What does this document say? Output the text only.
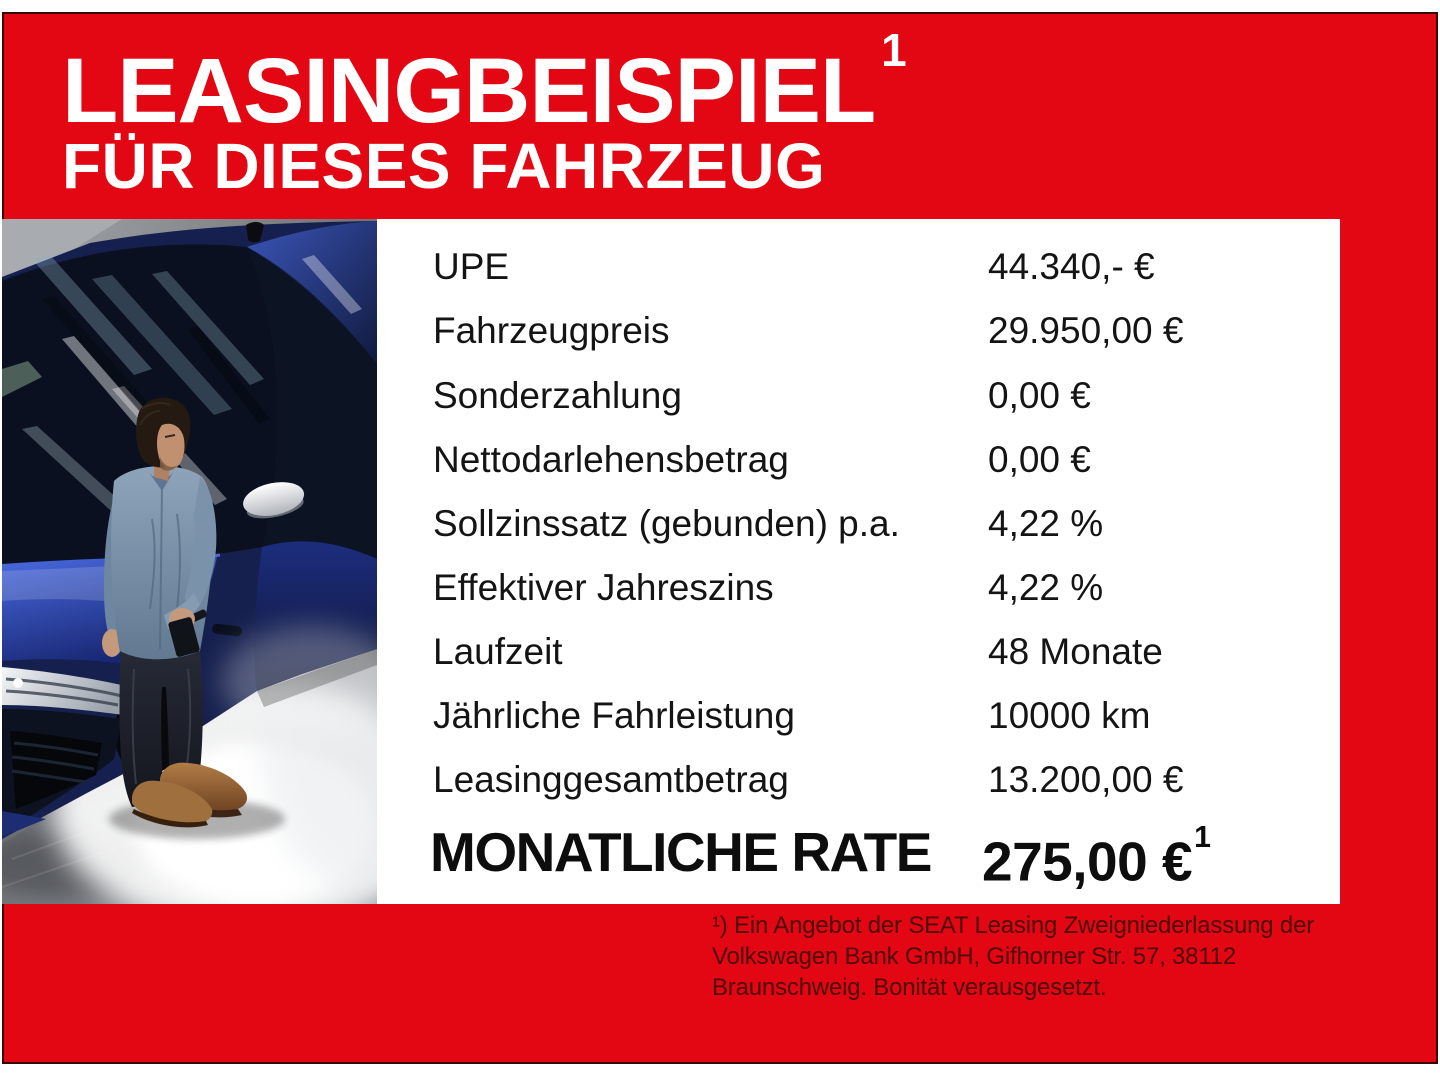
LEASINGBEISPIEL $^1$
FÜR DIESES FAHRZEUG
UPE	44.340,- €
Fahrzeugpreis	29.950,00 €
Sonderzahlung	0,00 €
Nettodarlehensbetrag	0,00 €
Sollzinssatz (gebunden) p.a. 4,22 %
Effektiver Jahreszins	4,22 %
Laufzeit	48 Monate
Jährliche Fahrleistung	10000 km
Leasinggesamtbetrag	13.200,00 €
MONATLICHE RATE 275,00 €$^1$
¹) Ein Angebot der SEAT Leasing Zweigniederlassung der
Volkswagen Bank GmbH, Gifhorner Str. 57, 38112
Braunschweig. Bonität verausgesetzt.
